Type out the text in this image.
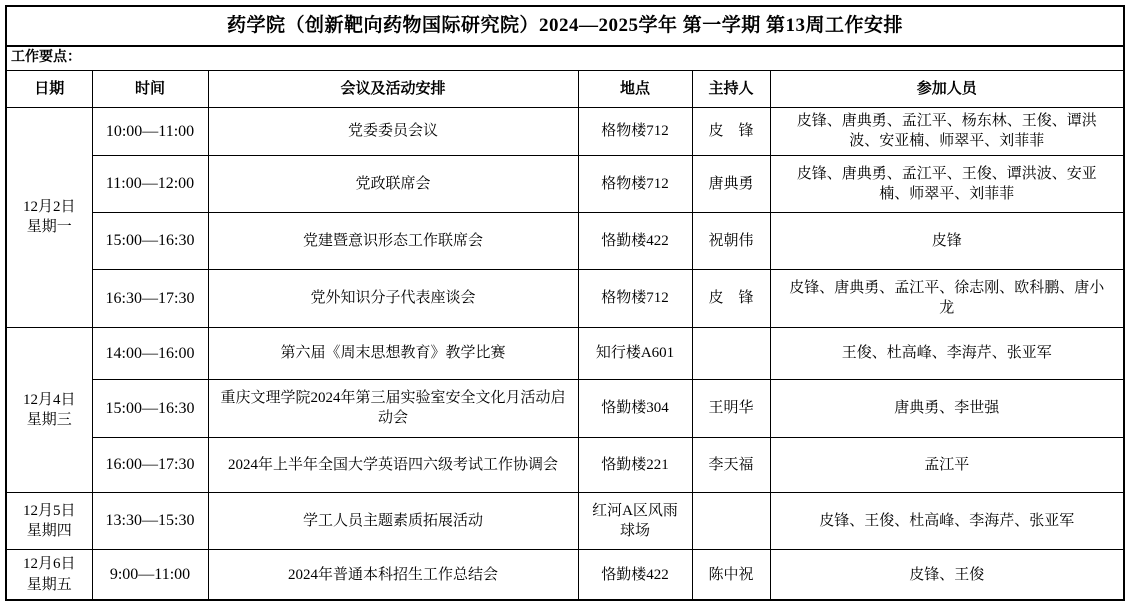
药学院（创新靶向药物国际研究院）2024—2025学年 第一学期 第13周工作安排					
工作要点：					
日期	时间	会议及活动安排	地点	主持人	参加人员

12月2日
星期一	10:00—11:00	党委委员会议	格物楼712	皮　锋	皮锋、唐典勇、孟江平、杨东林、王俊、谭洪波、安亚楠、师翠平、刘菲菲
	11:00—12:00	党政联席会	格物楼712	唐典勇	皮锋、唐典勇、孟江平、王俊、谭洪波、安亚楠、师翠平、刘菲菲
	15:00—16:30	党建暨意识形态工作联席会	恪勤楼422	祝朝伟	皮锋
	16:30—17:30	党外知识分子代表座谈会	格物楼712	皮　锋	皮锋、唐典勇、孟江平、徐志刚、欧科鹏、唐小龙

12月4日
星期三	14:00—16:00	第六届《周末思想教育》教学比赛	知行楼A601		王俊、杜高峰、李海芹、张亚军
	15:00—16:30	重庆文理学院2024年第三届实验室安全文化月活动启动会	恪勤楼304	王明华	唐典勇、李世强
	16:00—17:30	2024年上半年全国大学英语四六级考试工作协调会	恪勤楼221	李天福	孟江平

12月5日
星期四	13:30—15:30	学工人员主题素质拓展活动	红河A区风雨球场		皮锋、王俊、杜高峰、李海芹、张亚军

12月6日
星期五	9:00—11:00	2024年普通本科招生工作总结会	恪勤楼422	陈中祝	皮锋、王俊
